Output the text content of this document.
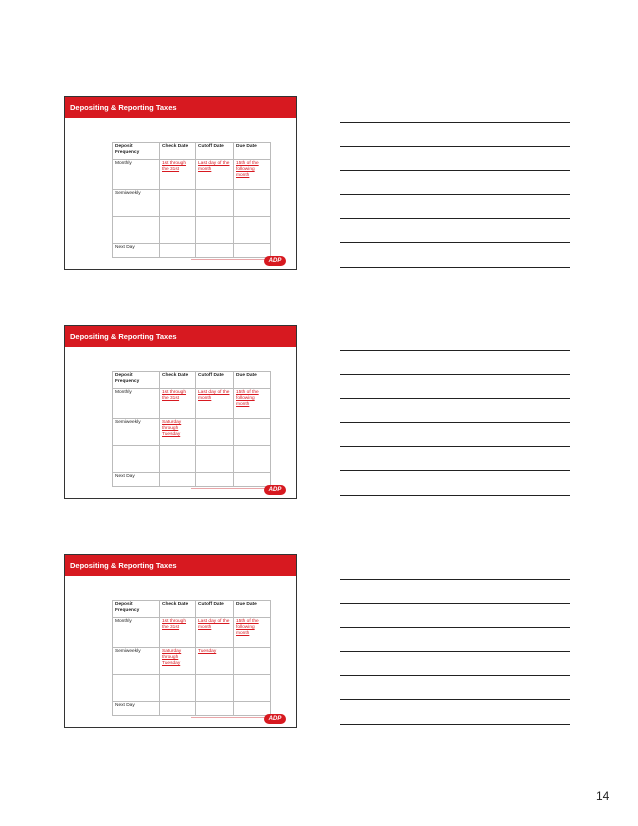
Depositing & Reporting Taxes
Deposit Frequency	Check Date	Cutoff Date	Due Date
Monthly	1st through the 31st	Last day of the month	15th of the following month
Semiweekly			

Next Day			
ADP
Depositing & Reporting Taxes
Deposit Frequency	Check Date	Cutoff Date	Due Date
Monthly	1st through the 31st	Last day of the month	15th of the following month
Semiweekly	Saturday through Tuesday		

Next Day			
ADP
Depositing & Reporting Taxes
Deposit Frequency	Check Date	Cutoff Date	Due Date
Monthly	1st through the 31st	Last day of the month	15th of the following month
Semiweekly	Saturday through Tuesday	Tuesday	

Next Day			
ADP
14
